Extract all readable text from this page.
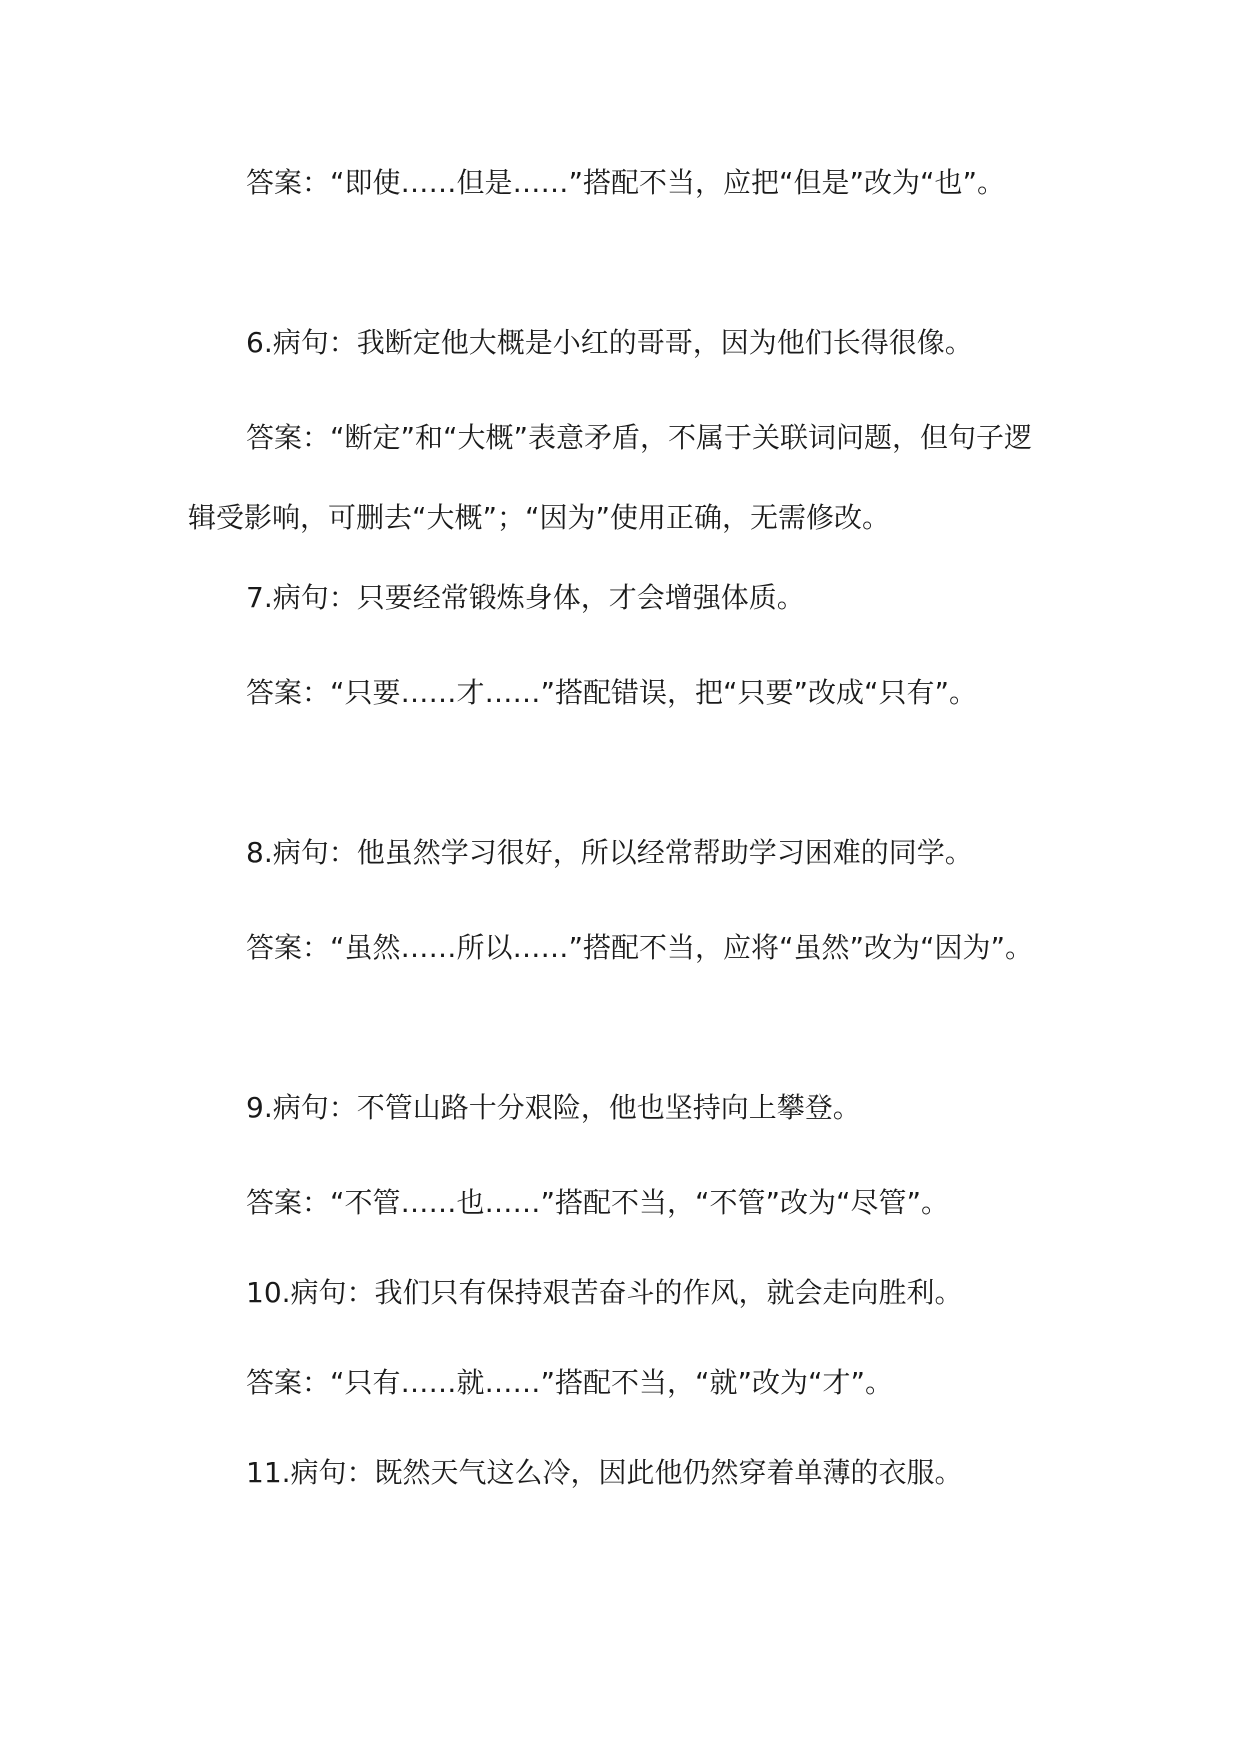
答案：“即使……但是……”搭配不当，应把“但是”改为“也”。

6.病句：我断定他大概是小红的哥哥，因为他们长得很像。

答案：“断定”和“大概”表意矛盾，不属于关联词问题，但句子逻辑受影响，可删去“大概”；“因为”使用正确，无需修改。

7.病句：只要经常锻炼身体，才会增强体质。

答案：“只要……才……”搭配错误，把“只要”改成“只有”。

8.病句：他虽然学习很好，所以经常帮助学习困难的同学。

答案：“虽然……所以……”搭配不当，应将“虽然”改为“因为”。

9.病句：不管山路十分艰险，他也坚持向上攀登。

答案：“不管……也……”搭配不当，“不管”改为“尽管”。

10.病句：我们只有保持艰苦奋斗的作风，就会走向胜利。

答案：“只有……就……”搭配不当，“就”改为“才”。

11.病句：既然天气这么冷，因此他仍然穿着单薄的衣服。
